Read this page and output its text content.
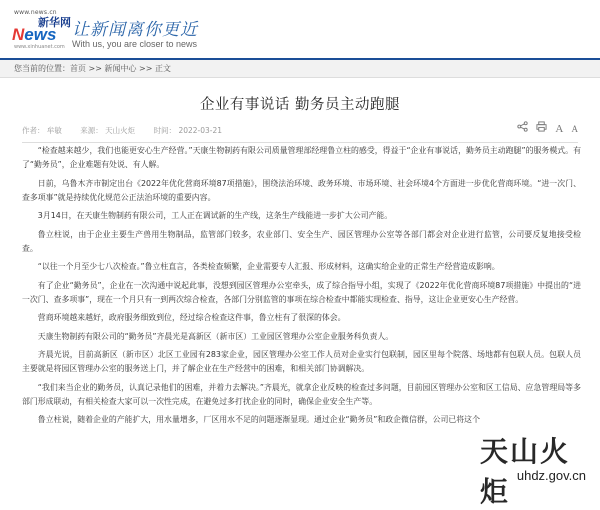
www.news.cn
新华网
News
www.xinhuanet.com
让新闻离你更近
With us, you are closer to news
您当前的位置：首页 >> 新闻中心 >> 正文
企业有事说话 勤务员主动跑腿
作者： 牟敏 来源： 天山火炬 时间： 2022-03-21	A A

“检查越来越少，我们也能更安心生产经营。”天康生物制药有限公司质量管理部经理鲁立柱的感受，得益于“企业有事说话，勤务员主动跑腿”的服务模式。有了“勤务员”，企业难题有处说、有人解。

日前，乌鲁木齐市制定出台《2022年优化营商环境87项措施》，围绕法治环境、政务环境、市场环境、社会环境4个方面进一步优化营商环境。“进一次门、查多项事”就是持续优化规范公正法治环境的重要内容。

3月14日，在天康生物制药有限公司，工人正在调试新的生产线，这条生产线能进一步扩大公司产能。

鲁立柱说，由于企业主要生产兽用生物制品，监管部门较多，农业部门、安全生产、园区管理办公室等各部门都会对企业进行监管，公司要反复地接受检查。

“以往一个月至少七八次检查。”鲁立柱直言，各类检查频繁，企业需要专人汇报、形成材料，这确实给企业的正常生产经营造成影响。

有了企业“勤务员”，企业在一次沟通中说起此事，没想到园区管理办公室牵头，成了综合指导小组，实现了《2022年优化营商环境87项措施》中提出的“进一次门、查多项事”，现在一个月只有一到两次综合检查，各部门分别监管的事项在综合检查中都能实现检查、指导，这让企业更安心生产经营。

营商环境越来越好，政府服务细致到位，经过综合检查这件事，鲁立柱有了很深的体会。

天康生物制药有限公司的“勤务员”齐晨光是高新区（新市区）工业园区管理办公室企业服务科负责人。

齐晨光说，目前高新区（新市区）北区工业园有283家企业，园区管理办公室工作人员对企业实行包联制，园区里每个院落、场地都有包联人员。包联人员主要就是将园区管理办公室的服务送上门，并了解企业在生产经营中的困难，和相关部门协调解决。

“我们来当企业的勤务员，认真记录他们的困难，并着力去解决。”齐晨光，就拿企业反映的检查过多问题，目前园区管理办公室和区工信局、应急管理局等多部门形成联动，有相关检查大家可以一次性完成，在避免过多打扰企业的同时，确保企业安全生产等。

鲁立柱说，随着企业的产能扩大，用水量增多，厂区用水不足的问题逐渐显现。通过企业“勤务员”和政企微信群，公司已将这个

天山火炬 uhdz.gov.cn
